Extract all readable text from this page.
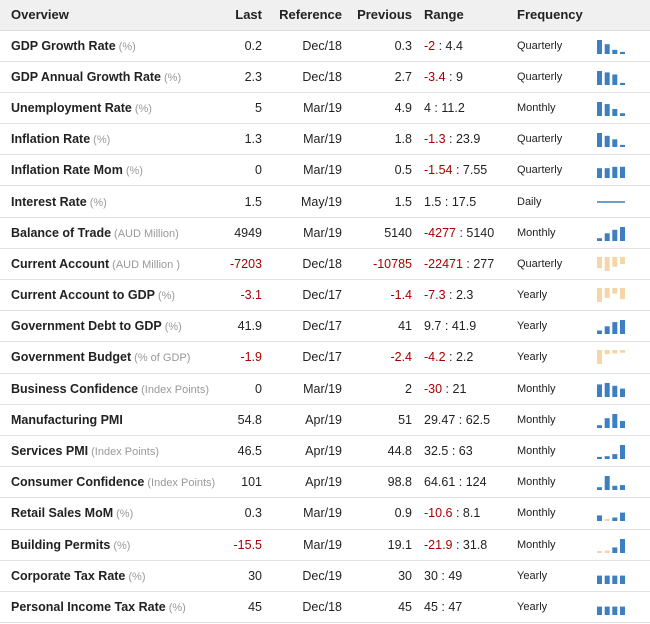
Overview	Last	Reference	Previous	Range	Frequency	
GDP Growth Rate (%)	0.2	Dec/18	0.3	-2 : 4.4	Quarterly	

GDP Annual Growth Rate (%)	2.3	Dec/18	2.7	-3.4 : 9	Quarterly	

Unemployment Rate (%)	5	Mar/19	4.9	4 : 11.2	Monthly	

Inflation Rate (%)	1.3	Mar/19	1.8	-1.3 : 23.9	Quarterly	

Inflation Rate Mom (%)	0	Mar/19	0.5	-1.54 : 7.55	Quarterly	

Interest Rate (%)	1.5	May/19	1.5	1.5 : 17.5	Daily	

Balance of Trade (AUD Million)	4949	Mar/19	5140	-4277 : 5140	Monthly	

Current Account (AUD Million )	-7203	Dec/18	-10785	-22471 : 277	Quarterly	

Current Account to GDP (%)	-3.1	Dec/17	-1.4	-7.3 : 2.3	Yearly	

Government Debt to GDP (%)	41.9	Dec/17	41	9.7 : 41.9	Yearly	

Government Budget (% of GDP)	-1.9	Dec/17	-2.4	-4.2 : 2.2	Yearly	

Business Confidence (Index Points)	0	Mar/19	2	-30 : 21	Monthly	

Manufacturing PMI	54.8	Apr/19	51	29.47 : 62.5	Monthly	

Services PMI (Index Points)	46.5	Apr/19	44.8	32.5 : 63	Monthly	

Consumer Confidence (Index Points)	101	Apr/19	98.8	64.61 : 124	Monthly	

Retail Sales MoM (%)	0.3	Mar/19	0.9	-10.6 : 8.1	Monthly	

Building Permits (%)	-15.5	Mar/19	19.1	-21.9 : 31.8	Monthly	

Corporate Tax Rate (%)	30	Dec/19	30	30 : 49	Yearly	

Personal Income Tax Rate (%)	45	Dec/18	45	45 : 47	Yearly	
